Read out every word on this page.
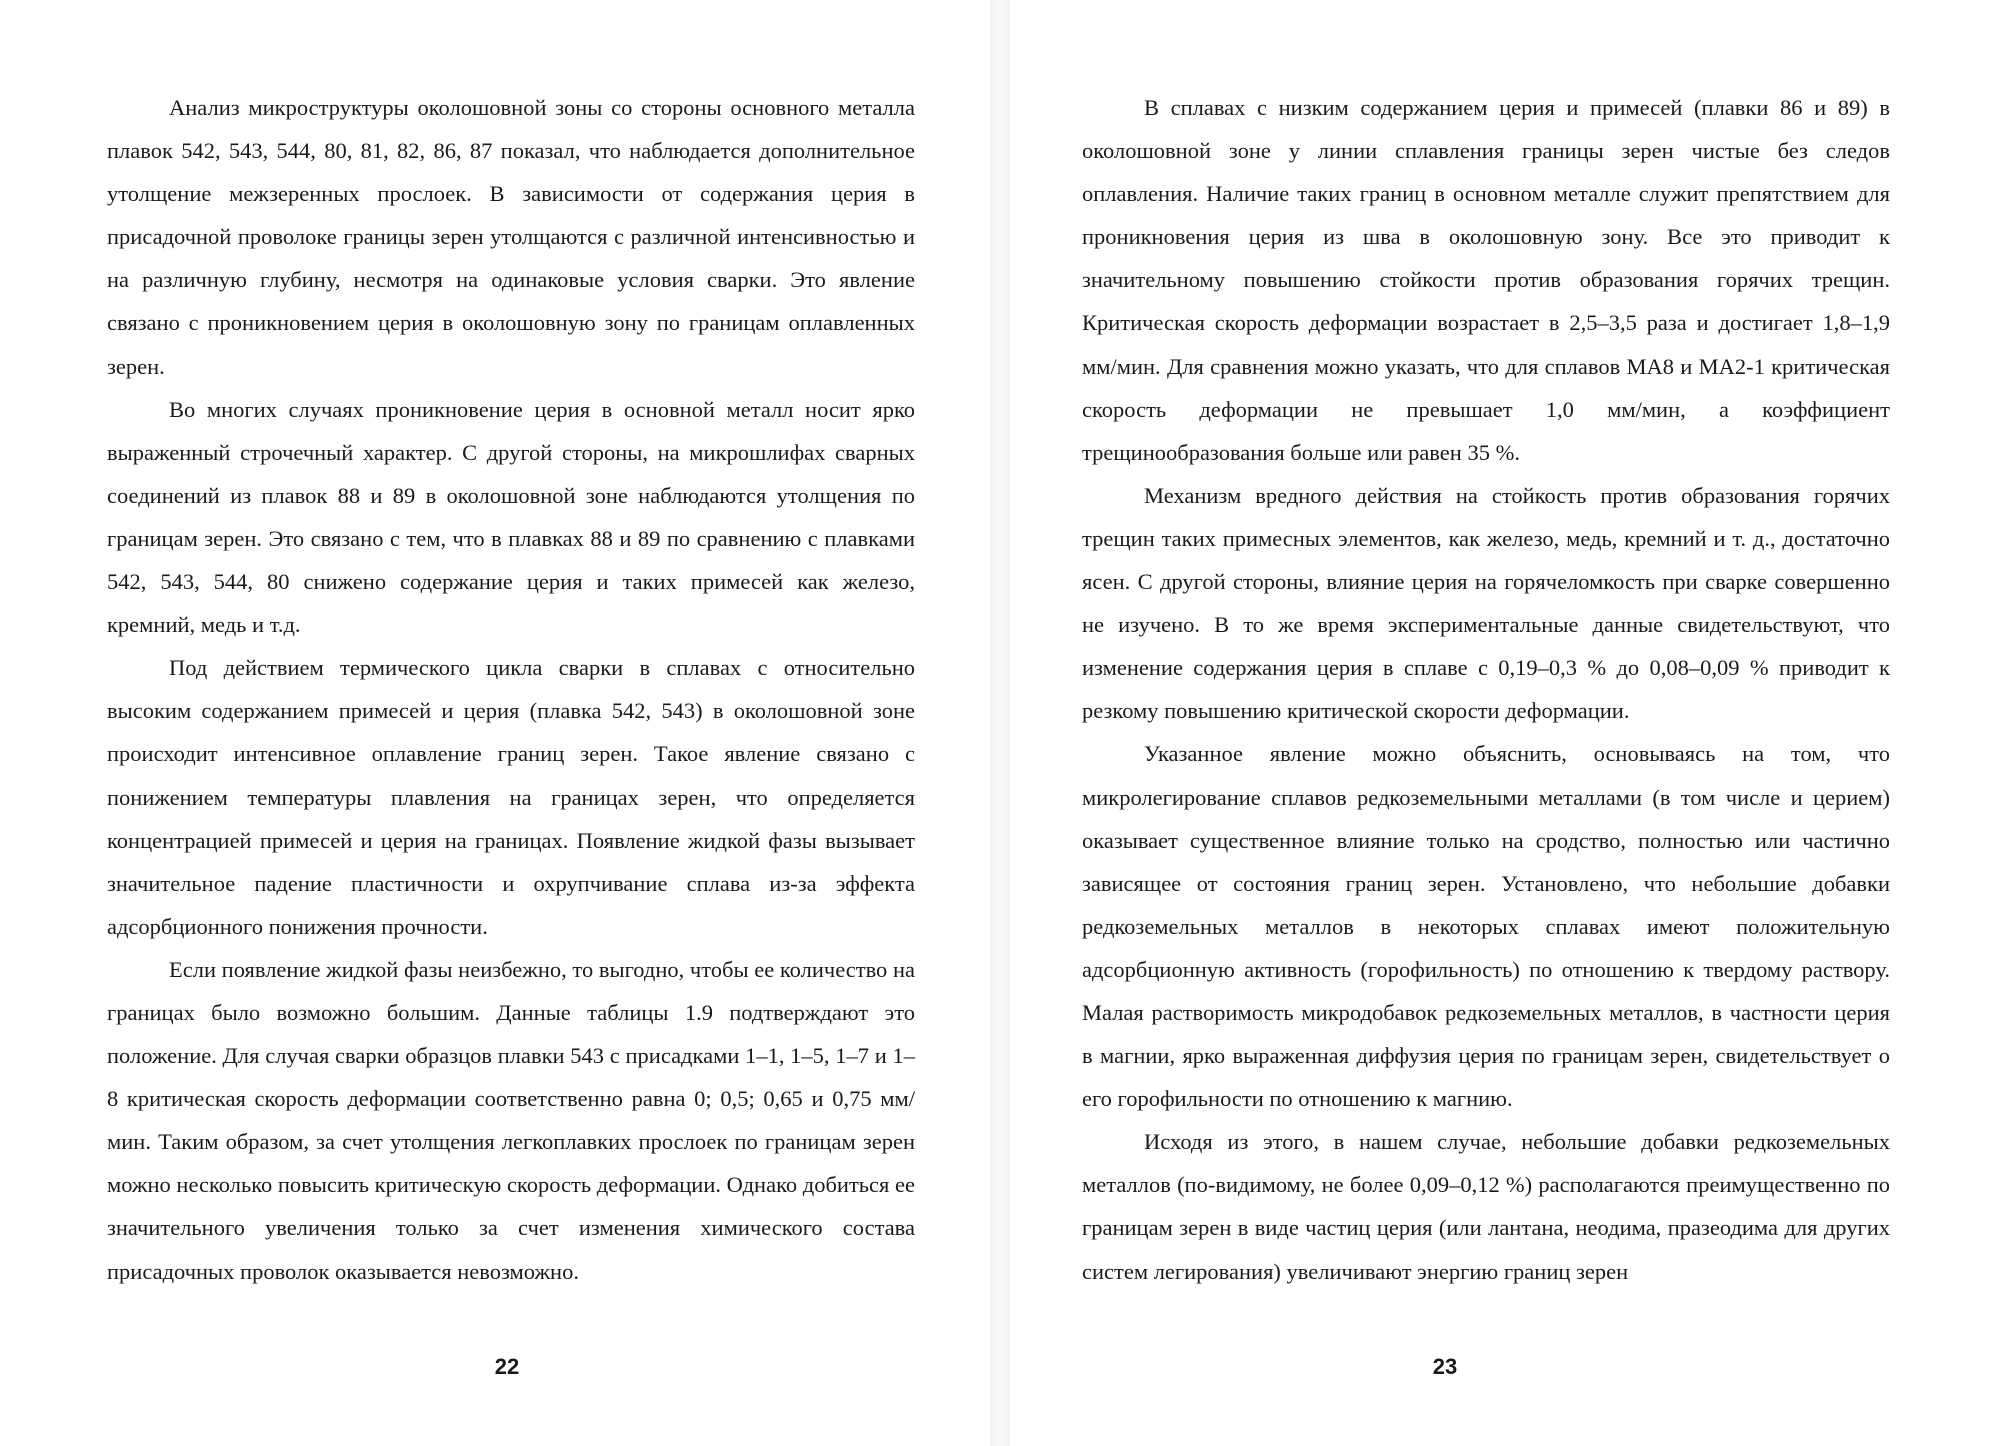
Анализ микроструктуры околошовной зоны со стороны основного металла плавок 542, 543, 544, 80, 81, 82, 86, 87 показал, что наблюдается дополнительное утолщение межзеренных прослоек. В зависимости от содержания церия в присадочной проволоке границы зерен утолщаются с различной интенсивностью и на различную глубину, несмотря на одинаковые условия сварки. Это явление связано с проникновением церия в околошовную зону по границам оплавленных зерен.

Во многих случаях проникновение церия в основной металл носит ярко выраженный строчечный характер. С другой стороны, на микрошлифах сварных соединений из плавок 88 и 89 в околошовной зоне наблюдаются утолщения по границам зерен. Это связано с тем, что в плавках 88 и 89 по сравнению с плавками 542, 543, 544, 80 снижено содержание церия и таких примесей как железо, кремний, медь и т.д.

Под действием термического цикла сварки в сплавах с относительно высоким содержанием примесей и церия (плавка 542, 543) в околошовной зоне происходит интенсивное оплавление границ зерен. Такое явление связано с понижением температуры плавления на границах зерен, что определяется концентрацией примесей и церия на границах. Появление жидкой фазы вызывает значительное падение пластичности и охрупчивание сплава из-за эффекта адсорбционного понижения прочности.

Если появление жидкой фазы неизбежно, то выгодно, чтобы ее количество на границах было возможно большим. Данные таблицы 1.9 подтверждают это положение. Для случая сварки образцов плавки 543 с присадками 1–1, 1–5, 1–7 и 1–8 критическая скорость деформации соответственно равна 0; 0,5; 0,65 и 0,75 мм/мин. Таким образом, за счет утолщения легкоплавких прослоек по границам зерен можно несколько повысить критическую скорость деформации. Однако добиться ее значительного увеличения только за счет изменения химического состава присадочных проволок оказывается невозможно.

22

В сплавах с низким содержанием церия и примесей (плавки 86 и 89) в околошовной зоне у линии сплавления границы зерен чистые без следов оплавления. Наличие таких границ в основном металле служит препятствием для проникновения церия из шва в околошовную зону. Все это приводит к значительному повышению стойкости против образования горячих трещин. Критическая скорость деформации возрастает в 2,5–3,5 раза и достигает 1,8–1,9 мм/мин. Для сравнения можно указать, что для сплавов МА8 и МА2-1 критическая скорость деформации не превышает 1,0 мм/мин, а коэффициент трещинообразования больше или равен 35 %.

Механизм вредного действия на стойкость против образования горячих трещин таких примесных элементов, как железо, медь, кремний и т. д., достаточно ясен. С другой стороны, влияние церия на горячеломкость при сварке совершенно не изучено. В то же время экспериментальные данные свидетельствуют, что изменение содержания церия в сплаве с 0,19–0,3 % до 0,08–0,09 % приводит к резкому повышению критической скорости деформации.

Указанное явление можно объяснить, основываясь на том, что микролегирование сплавов редкоземельными металлами (в том числе и церием) оказывает существенное влияние только на сродство, полностью или частично зависящее от состояния границ зерен. Установлено, что небольшие добавки редкоземельных металлов в некоторых сплавах имеют положительную адсорбционную активность (горофильность) по отношению к твердому раствору. Малая растворимость микродобавок редкоземельных металлов, в частности церия в магнии, ярко выраженная диффузия церия по границам зерен, свидетельствует о его горофильности по отношению к магнию.

Исходя из этого, в нашем случае, небольшие добавки редкоземельных металлов (по-видимому, не более 0,09–0,12 %) располагаются преимущественно по границам зерен в виде частиц церия (или лантана, неодима, празеодима для других систем легирования) увеличивают энергию границ зерен

23
